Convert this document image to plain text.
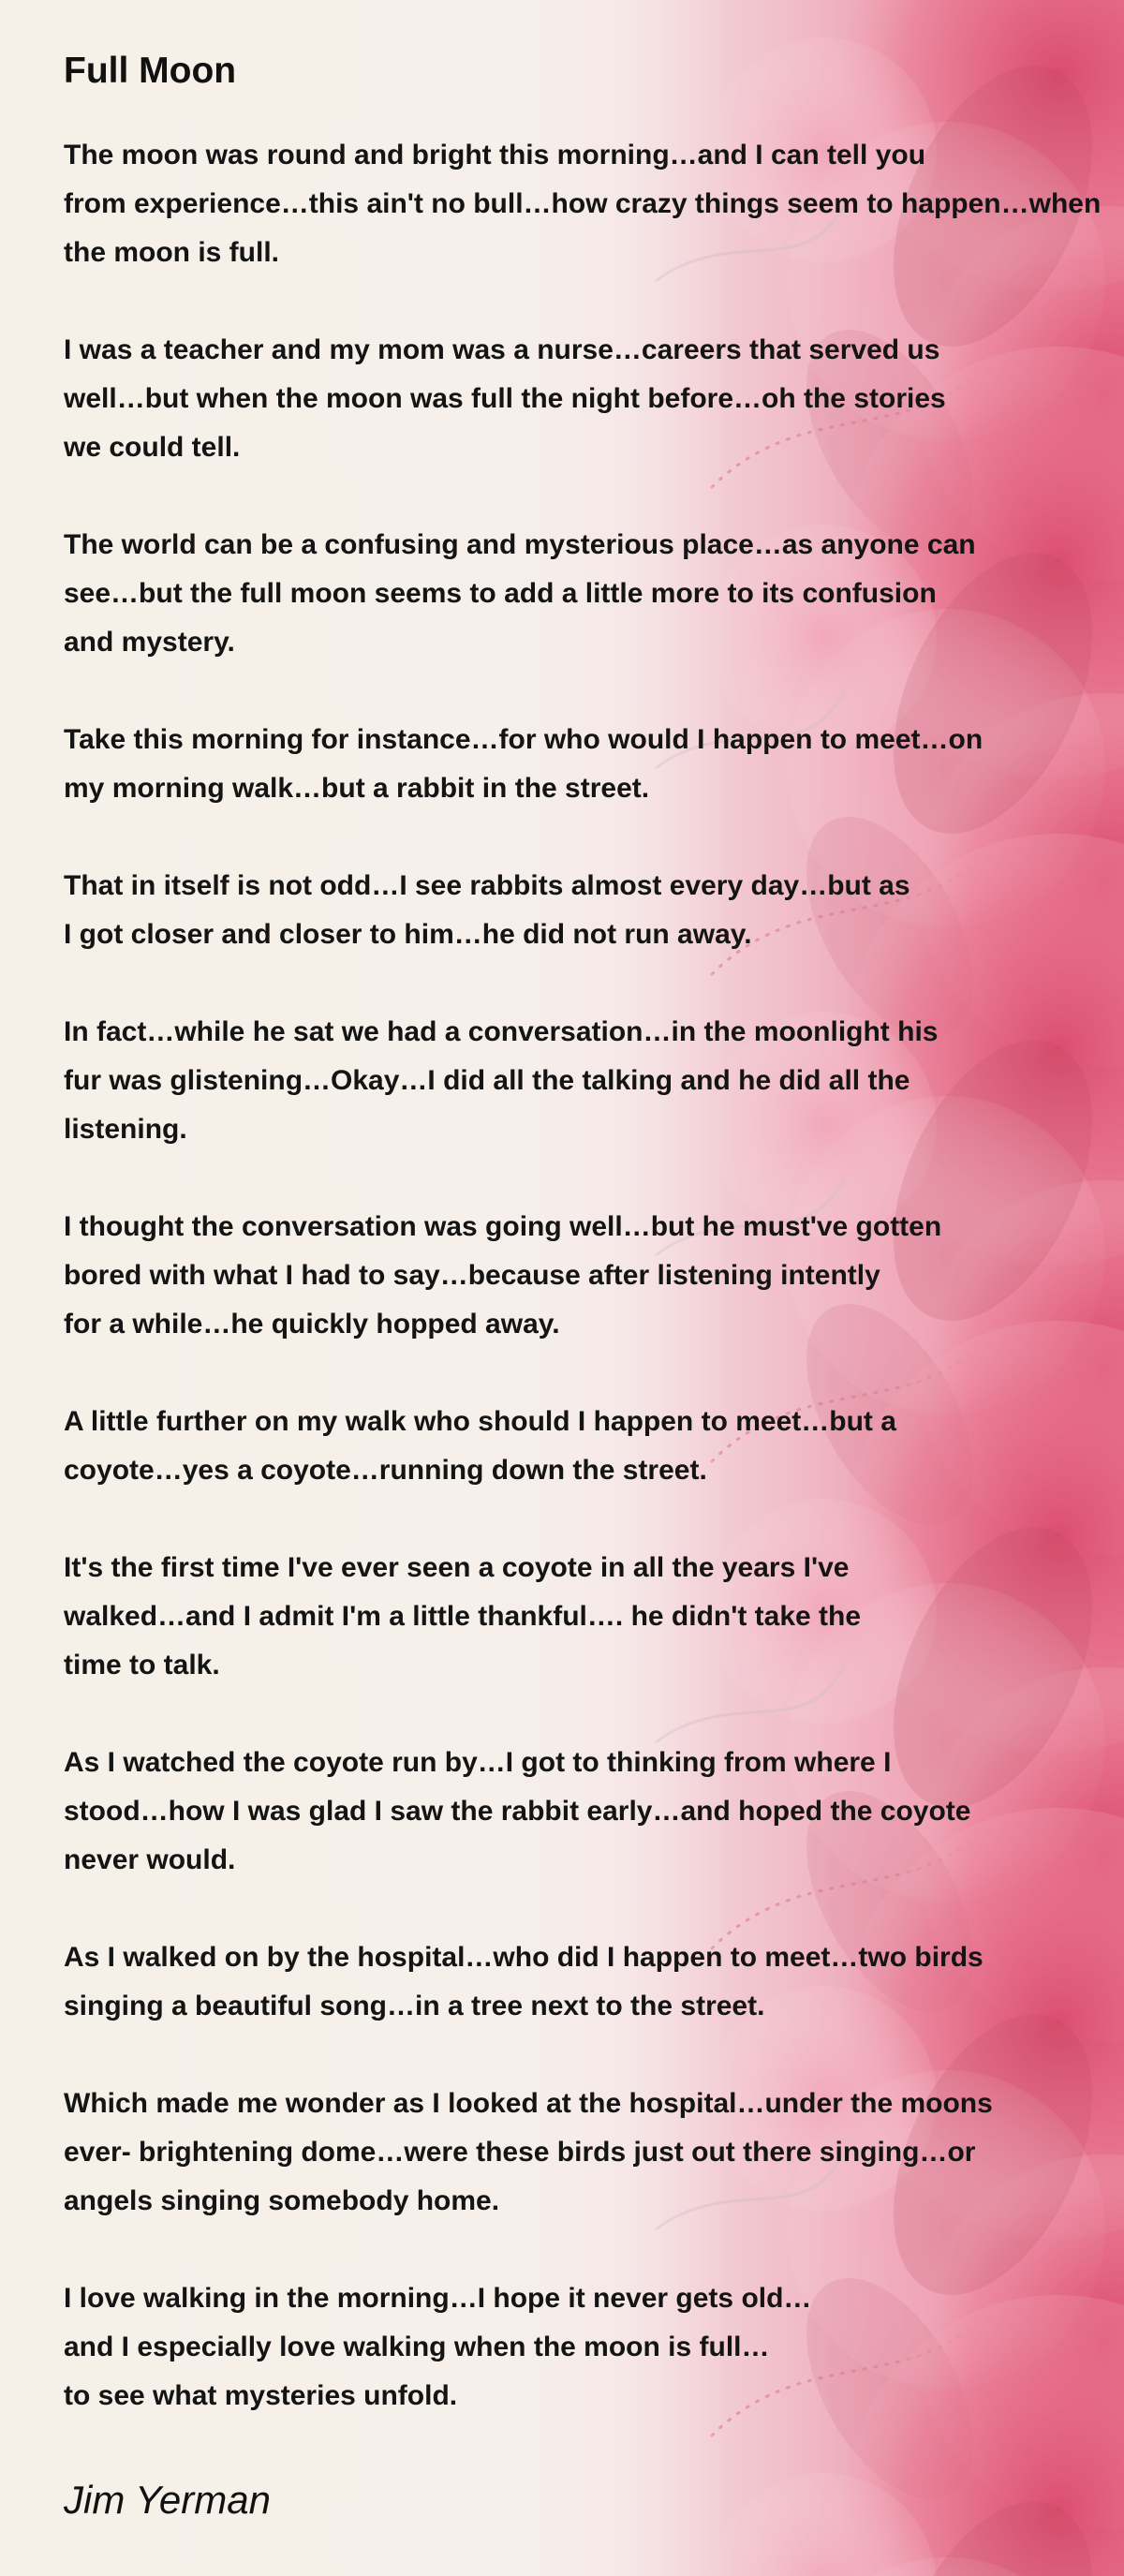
Full Moon
The moon was round and bright this morning…and I can tell you
from experience…this ain't no bull…how crazy things seem to happen…when
the moon is full.
I was a teacher and my mom was a nurse…careers that served us
well…but when the moon was full the night before…oh the stories
we could tell.
The world can be a confusing and mysterious place…as anyone can
see…but the full moon seems to add a little more to its confusion
and mystery.
Take this morning for instance…for who would I happen to meet…on
my morning walk…but a rabbit in the street.
That in itself is not odd…I see rabbits almost every day…but as
I got closer and closer to him…he did not run away.
In fact…while he sat we had a conversation…in the moonlight his
fur was glistening…Okay…I did all the talking and he did all the
listening.
I thought the conversation was going well…but he must've gotten
bored with what I had to say…because after listening intently
for a while…he quickly hopped away.
A little further on my walk who should I happen to meet…but a
coyote…yes a coyote…running down the street.
It's the first time I've ever seen a coyote in all the years I've
walked…and I admit I'm a little thankful…. he didn't take the
time to talk.
As I watched the coyote run by…I got to thinking from where I
stood…how I was glad I saw the rabbit early…and hoped the coyote
never would.
As I walked on by the hospital…who did I happen to meet…two birds
singing a beautiful song…in a tree next to the street.
Which made me wonder as I looked at the hospital…under the moons
ever- brightening dome…were these birds just out there singing…or
angels singing somebody home.
I love walking in the morning…I hope it never gets old…
and I especially love walking when the moon is full…
to see what mysteries unfold.
Jim Yerman
